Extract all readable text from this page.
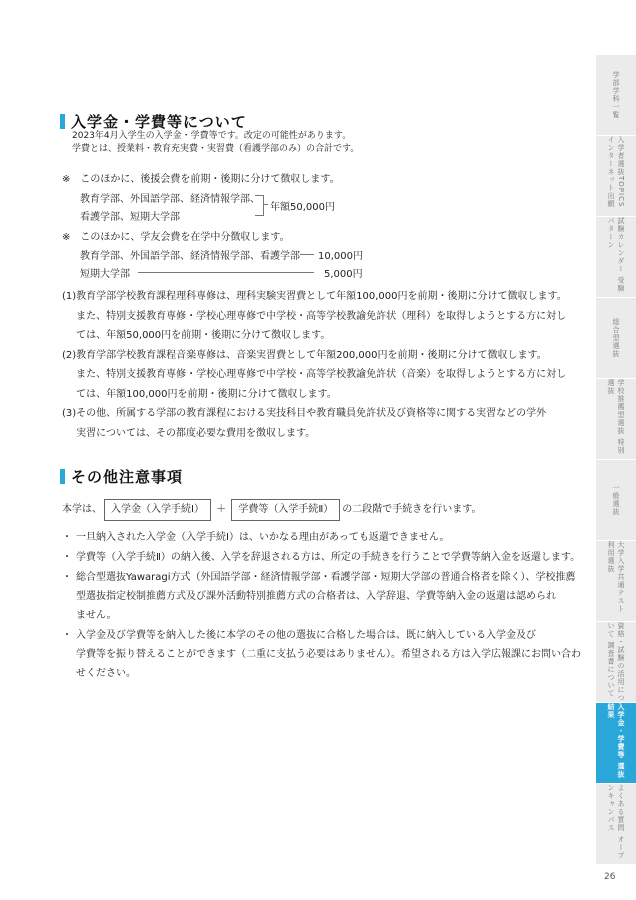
入学金・学費等について
2023年4月入学生の入学金・学費等です。改定の可能性があります。
学費とは、授業料・教育充実費・実習費（看護学部のみ）の合計です。
※　このほかに、後援会費を前期・後期に分けて徴収します。
教育学部、外国語学部、経済情報学部、
看護学部、短期大学部
年額50,000円
※　このほかに、学友会費を在学中分徴収します。
教育学部、外国語学部、経済情報学部、看護学部 10,000円
短期大学部	5,000円
(1) 教育学部学校教育課程理科専修は、理科実験実習費として年額100,000円を前期・後期に分けて徴収します。
また、特別支援教育専修・学校心理専修で中学校・高等学校教諭免許状（理科）を取得しようとする方に対し
ては、年額50,000円を前期・後期に分けて徴収します。
(2) 教育学部学校教育課程音楽専修は、音楽実習費として年額200,000円を前期・後期に分けて徴収します。
また、特別支援教育専修・学校心理専修で中学校・高等学校教諭免許状（音楽）を取得しようとする方に対し
ては、年額100,000円を前期・後期に分けて徴収します。
(3) その他、所属する学部の教育課程における実技科目や教育職員免許状及び資格等に関する実習などの学外
実習については、その都度必要な費用を徴収します。
その他注意事項
本学は、 入学金（入学手続Ⅰ） ＋ 学費等（入学手続Ⅱ） の二段階で手続きを行います。
・ 一旦納入された入学金（入学手続Ⅰ）は、いかなる理由があっても返還できません。
・ 学費等（入学手続Ⅱ）の納入後、入学を辞退される方は、所定の手続きを行うことで学費等納入金を返還します。
・ 総合型選抜Yawaragi方式（外国語学部・経済情報学部・看護学部・短期大学部の普通合格者を除く）、学校推薦
型選抜指定校制推薦方式及び課外活動特別推薦方式の合格者は、入学辞退、学費等納入金の返還は認められ
ません。
・ 入学金及び学費等を納入した後に本学のその他の選抜に合格した場合は、既に納入している入学金及び
学費等を振り替えることができます（二重に支払う必要はありません）。希望される方は入学広報課にお問い合わ
せください。
学部学科一覧
入学者選抜TOPICS インターネット出願
試験カレンダー 受験パターン
総合型選抜
学校推薦型選抜 特別選抜
一般選抜
大学入学共通テスト 利用選抜
資格・試験の活用について 調査書について
入学金・学費等 選抜結果
よくある質問 オープンキャンパス
26
